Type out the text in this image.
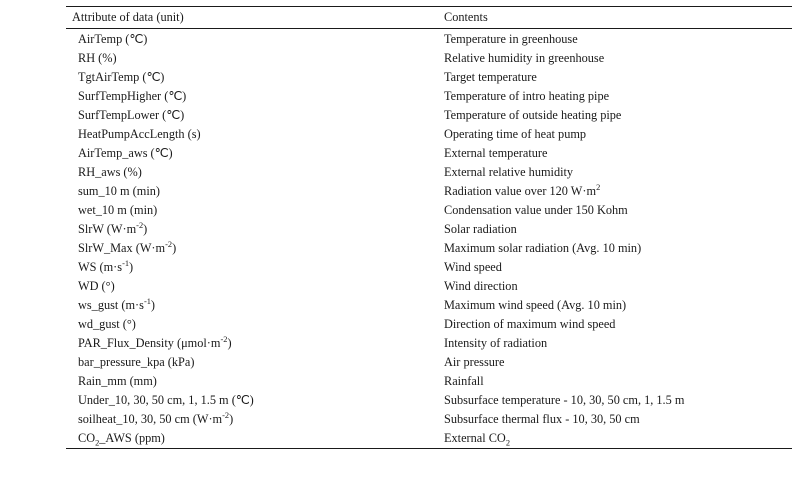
Attribute of data (unit)	Contents
AirTemp (℃)	Temperature in greenhouse
RH (%)	Relative humidity in greenhouse
TgtAirTemp (℃)	Target temperature
SurfTempHigher (℃)	Temperature of intro heating pipe
SurfTempLower (℃)	Temperature of outside heating pipe
HeatPumpAccLength (s)	Operating time of heat pump
AirTemp_aws (℃)	External temperature
RH_aws (%)	External relative humidity
sum_10 m (min)	Radiation value over 120 $W\cdot m^2$
wet_10 m (min)	Condensation value under 150 Kohm
SlrW $(W\cdot m^{-2})$	Solar radiation
SlrW_Max $(W\cdot m^{-2})$	Maximum solar radiation (Avg. 10 min)
WS $(m\cdot s^{-1})$	Wind speed
WD (°)	Wind direction
ws_gust $(m\cdot s^{-1})$	Maximum wind speed (Avg. 10 min)
wd_gust (°)	Direction of maximum wind speed
PAR_Flux_Density $(\mu mol\cdot m^{-2})$	Intensity of radiation
bar_pressure_kpa (kPa)	Air pressure
Rain_mm (mm)	Rainfall
Under_10, 30, 50 cm, 1, 1.5 m (℃)	Subsurface temperature - 10, 30, 50 cm, 1, 1.5 m
soilheat_10, 30, 50 cm $(W\cdot m^{-2})$	Subsurface thermal flux - 10, 30, 50 cm
$CO_2\_AWS$ (ppm)	External $CO_2$
